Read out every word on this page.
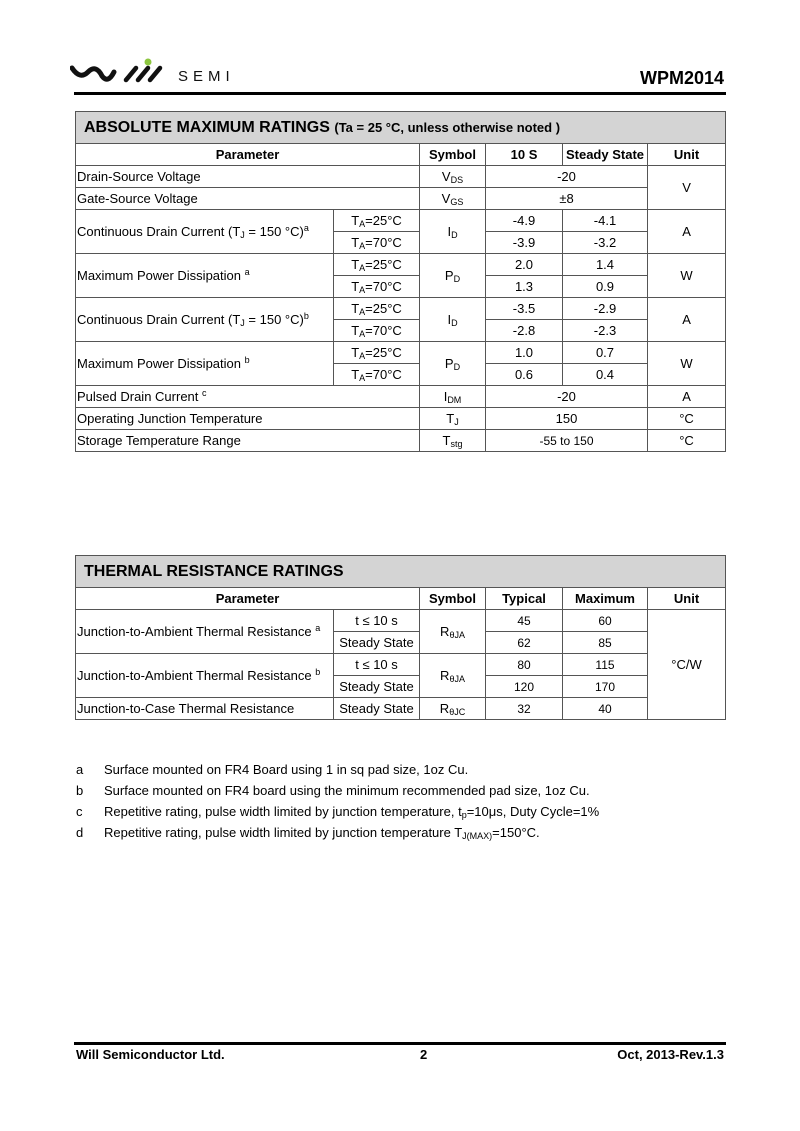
SEMI	WPM2014
ABSOLUTE MAXIMUM RATINGS (Ta = 25 °C, unless otherwise noted )					
Parameter		Symbol	10 S	Steady State	Unit
Drain-Source Voltage		$V_{DS}$	-20		V
Gate-Source Voltage		$V_{GS}$	±8		
Continuous Drain Current ($T_J = 150$ °C)$^a$	$T_A=25^\circ C$	$I_D$	-4.9	-4.1	A
	$T_A=70^\circ C$		-3.9	-3.2	
Maximum Power Dissipation $^a$	$T_A=25^\circ C$	$P_D$	2.0	1.4	W
	$T_A=70^\circ C$		1.3	0.9	
Continuous Drain Current ($T_J = 150$ °C)$^b$	$T_A=25^\circ C$	$I_D$	-3.5	-2.9	A
	$T_A=70^\circ C$		-2.8	-2.3	
Maximum Power Dissipation $^b$	$T_A=25^\circ C$	$P_D$	1.0	0.7	W
	$T_A=70^\circ C$		0.6	0.4	
Pulsed Drain Current $^c$		$I_{DM}$	-20		A
Operating Junction Temperature		$T_J$	150		°C
Storage Temperature Range		$T_{stg}$	-55 to 150		°C
THERMAL RESISTANCE RATINGS					
Parameter		Symbol	Typical	Maximum	Unit
Junction-to-Ambient Thermal Resistance $^a$	t ≤ 10 s	$R_{\theta JA}$	45	60	°C/W
	Steady State		62	85	
Junction-to-Ambient Thermal Resistance $^b$	t ≤ 10 s	$R_{\theta JA}$	80	115	
	Steady State		120	170	
Junction-to-Case Thermal Resistance	Steady State	$R_{\theta JC}$	32	40	
a	Surface mounted on FR4 Board using 1 in sq pad size, 1oz Cu.
b	Surface mounted on FR4 board using the minimum recommended pad size, 1oz Cu.
c	Repetitive rating, pulse width limited by junction temperature, $t_p=10\mu s$, Duty Cycle=1%
d	Repetitive rating, pulse width limited by junction temperature $T_{J(MAX)}=150^\circ C$.
Will Semiconductor Ltd.	2	Oct, 2013-Rev.1.3
